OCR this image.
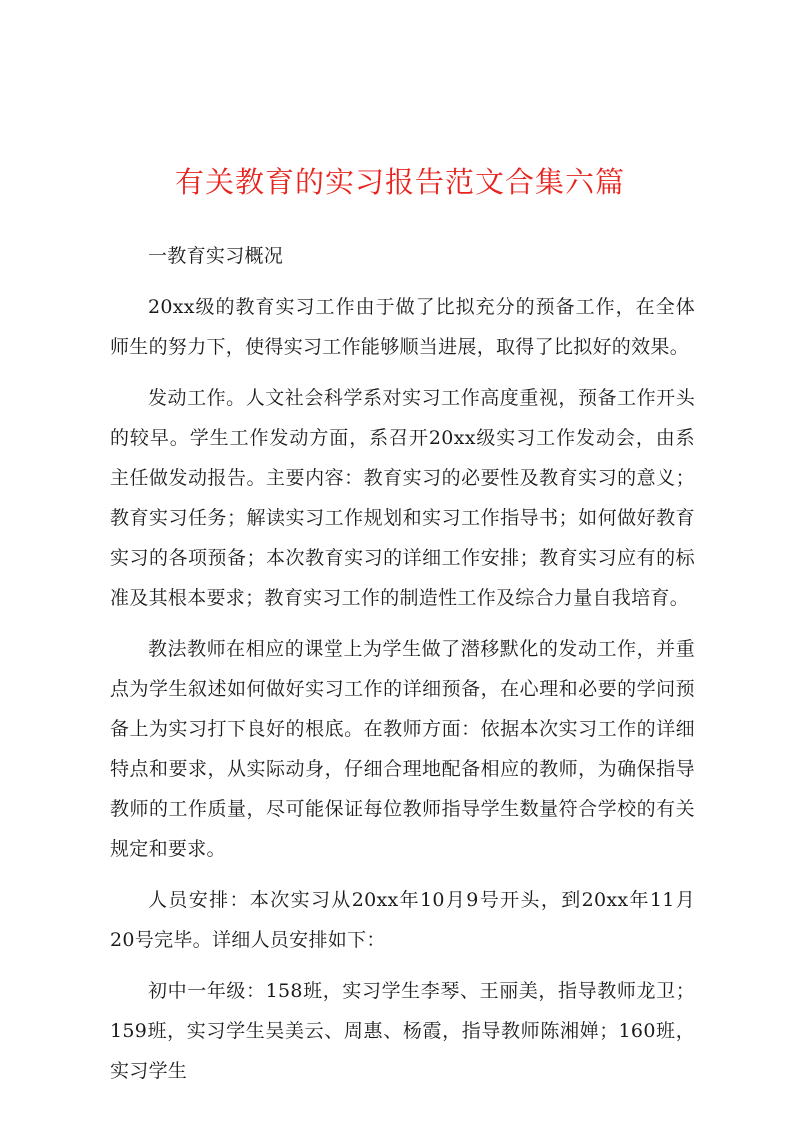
有关教育的实习报告范文合集六篇

一教育实习概况

20xx级的教育实习工作由于做了比拟充分的预备工作，在全体师生的努力下，使得实习工作能够顺当进展，取得了比拟好的效果。

发动工作。人文社会科学系对实习工作高度重视，预备工作开头的较早。学生工作发动方面，系召开20xx级实习工作发动会，由系主任做发动报告。主要内容：教育实习的必要性及教育实习的意义；教育实习任务；解读实习工作规划和实习工作指导书；如何做好教育实习的各项预备；本次教育实习的详细工作安排；教育实习应有的标准及其根本要求；教育实习工作的制造性工作及综合力量自我培育。

教法教师在相应的课堂上为学生做了潜移默化的发动工作，并重点为学生叙述如何做好实习工作的详细预备，在心理和必要的学问预备上为实习打下良好的根底。在教师方面：依据本次实习工作的详细特点和要求，从实际动身，仔细合理地配备相应的教师，为确保指导教师的工作质量，尽可能保证每位教师指导学生数量符合学校的有关规定和要求。

人员安排：本次实习从20xx年10月9号开头，到20xx年11月20号完毕。详细人员安排如下：

初中一年级：158班，实习学生李琴、王丽美，指导教师龙卫；159班，实习学生吴美云、周惠、杨霞，指导教师陈湘婵；160班，实习学生
